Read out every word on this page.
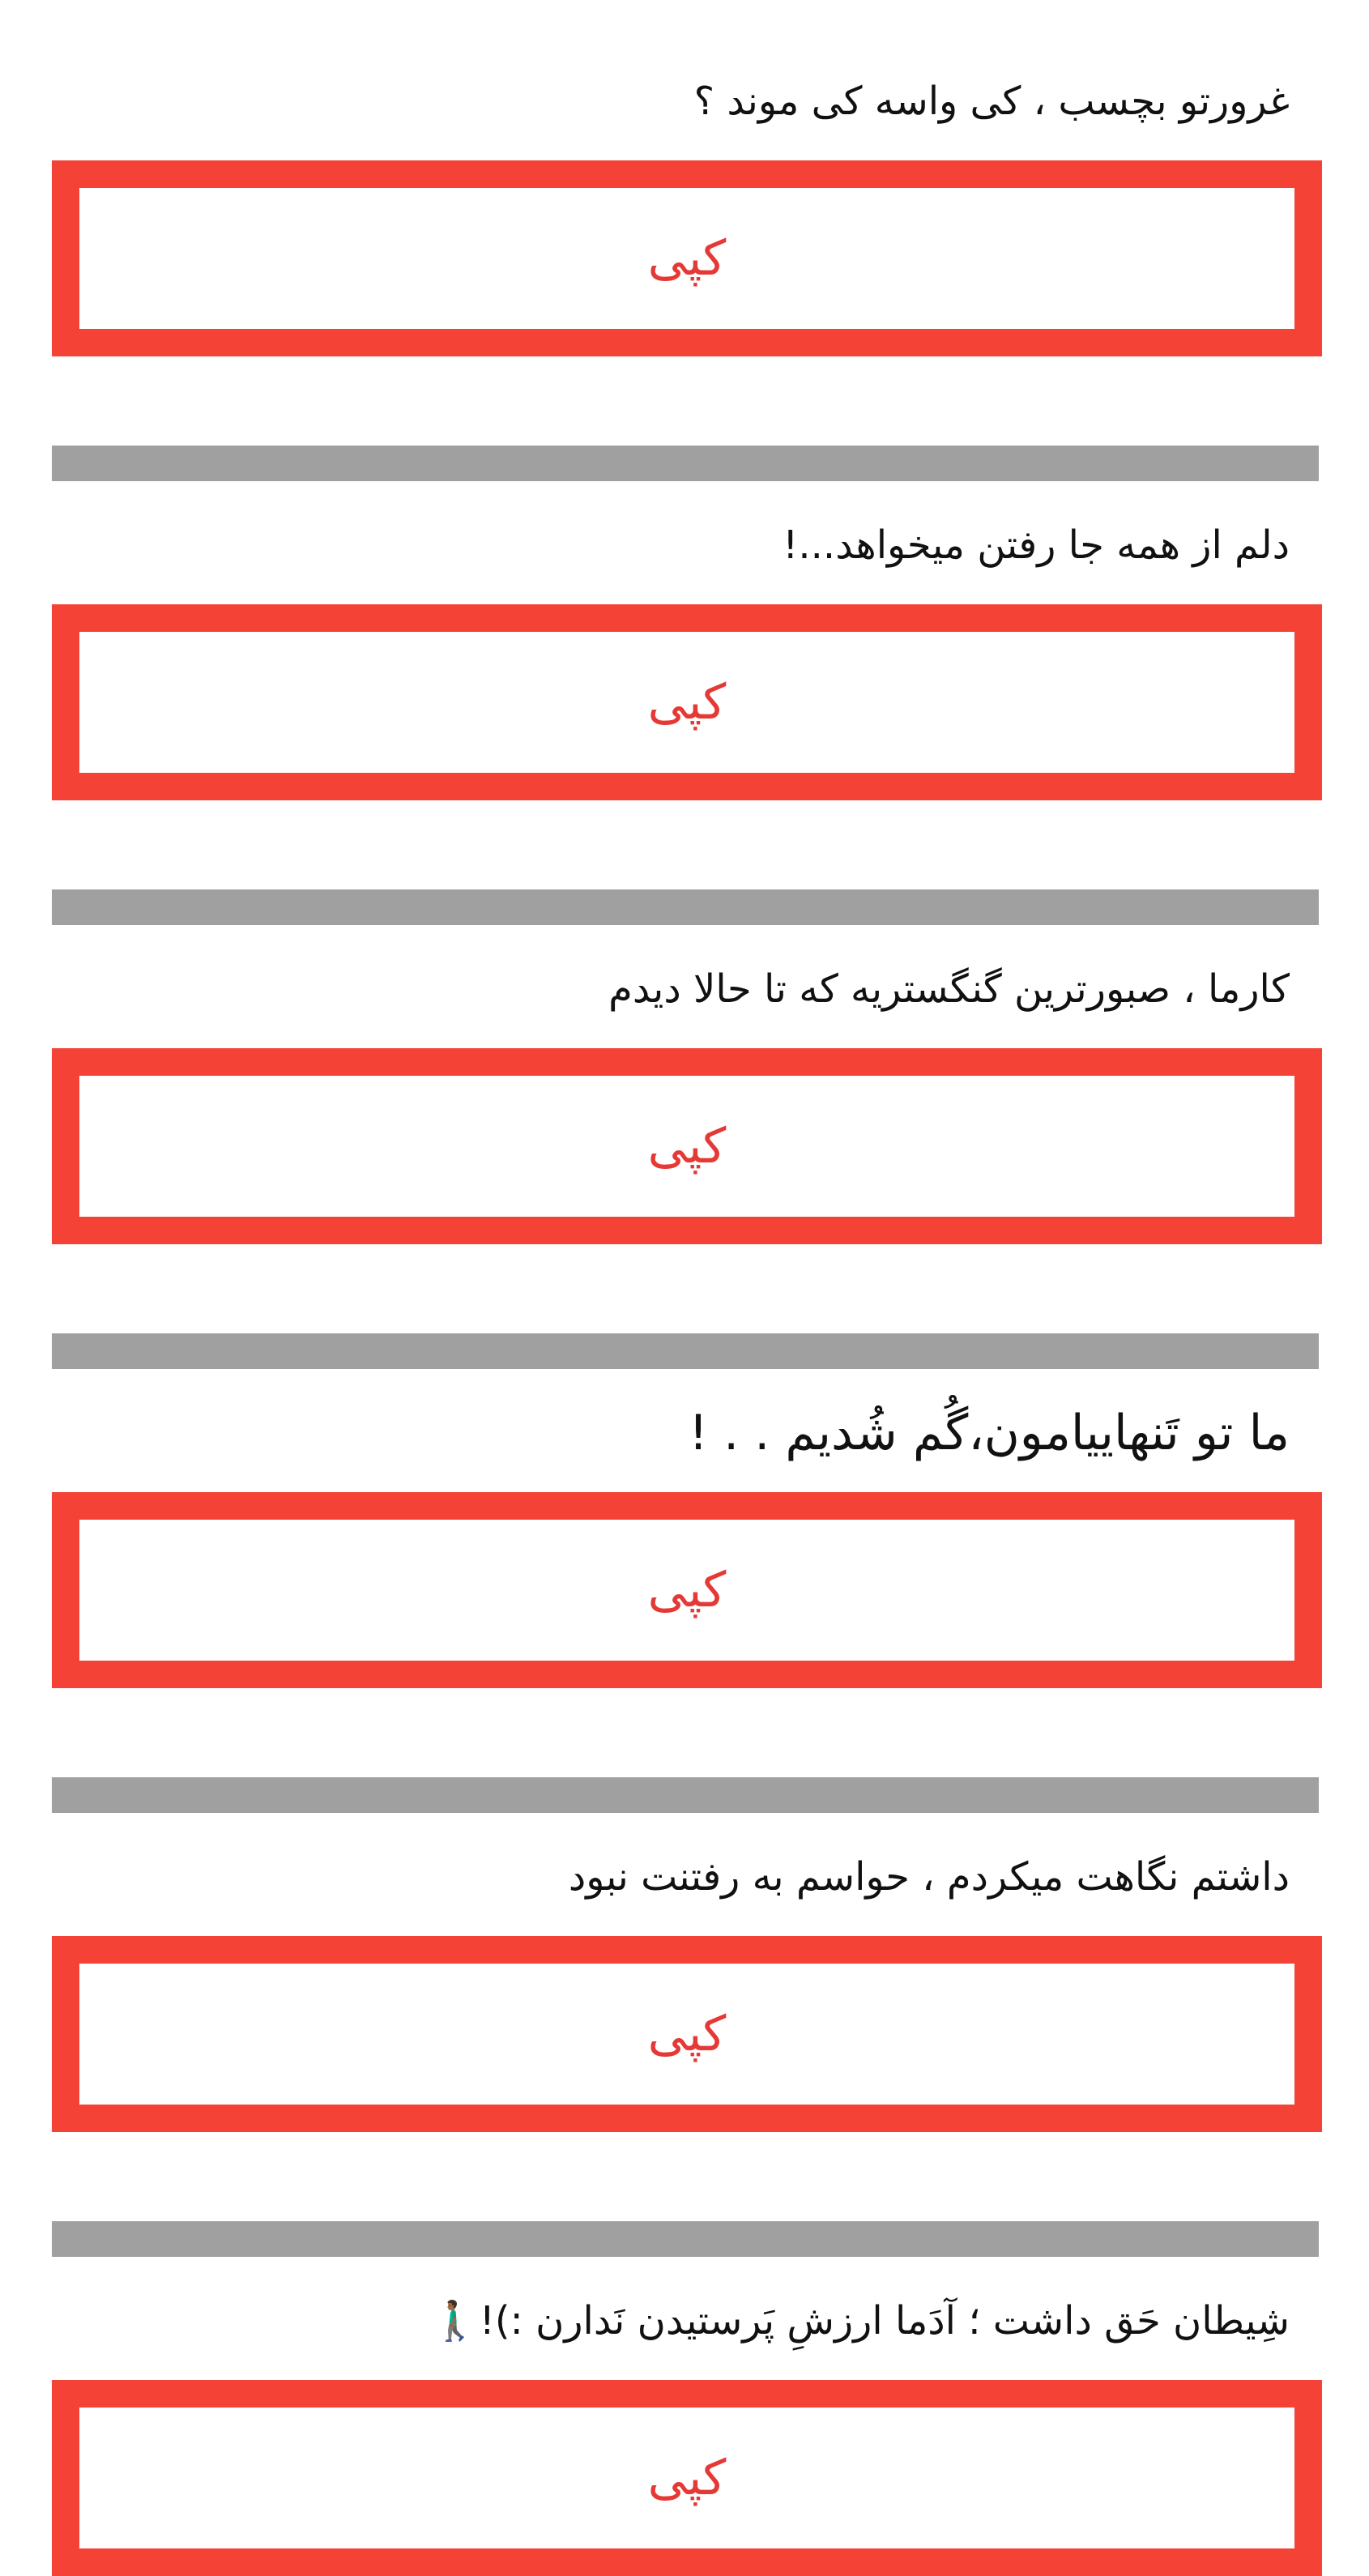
غرورتو بچسب ، کی واسه کی موند ؟
کپی
دلم از همه جا رفتن میخواهد...!
کپی
کارما ، صبورترین گنگستریه که تا حالا دیدم
کپی
ما تو تَنهاییامون،گُم شُدیم . . !
کپی
داشتم نگاهت میکردم ، حواسم به رفتنت نبود
کپی
شِیطان حَق داشت ؛ آدَما ارزشِ پَرستیدن نَدارن :)!🚶🏾‍♂️
کپی
